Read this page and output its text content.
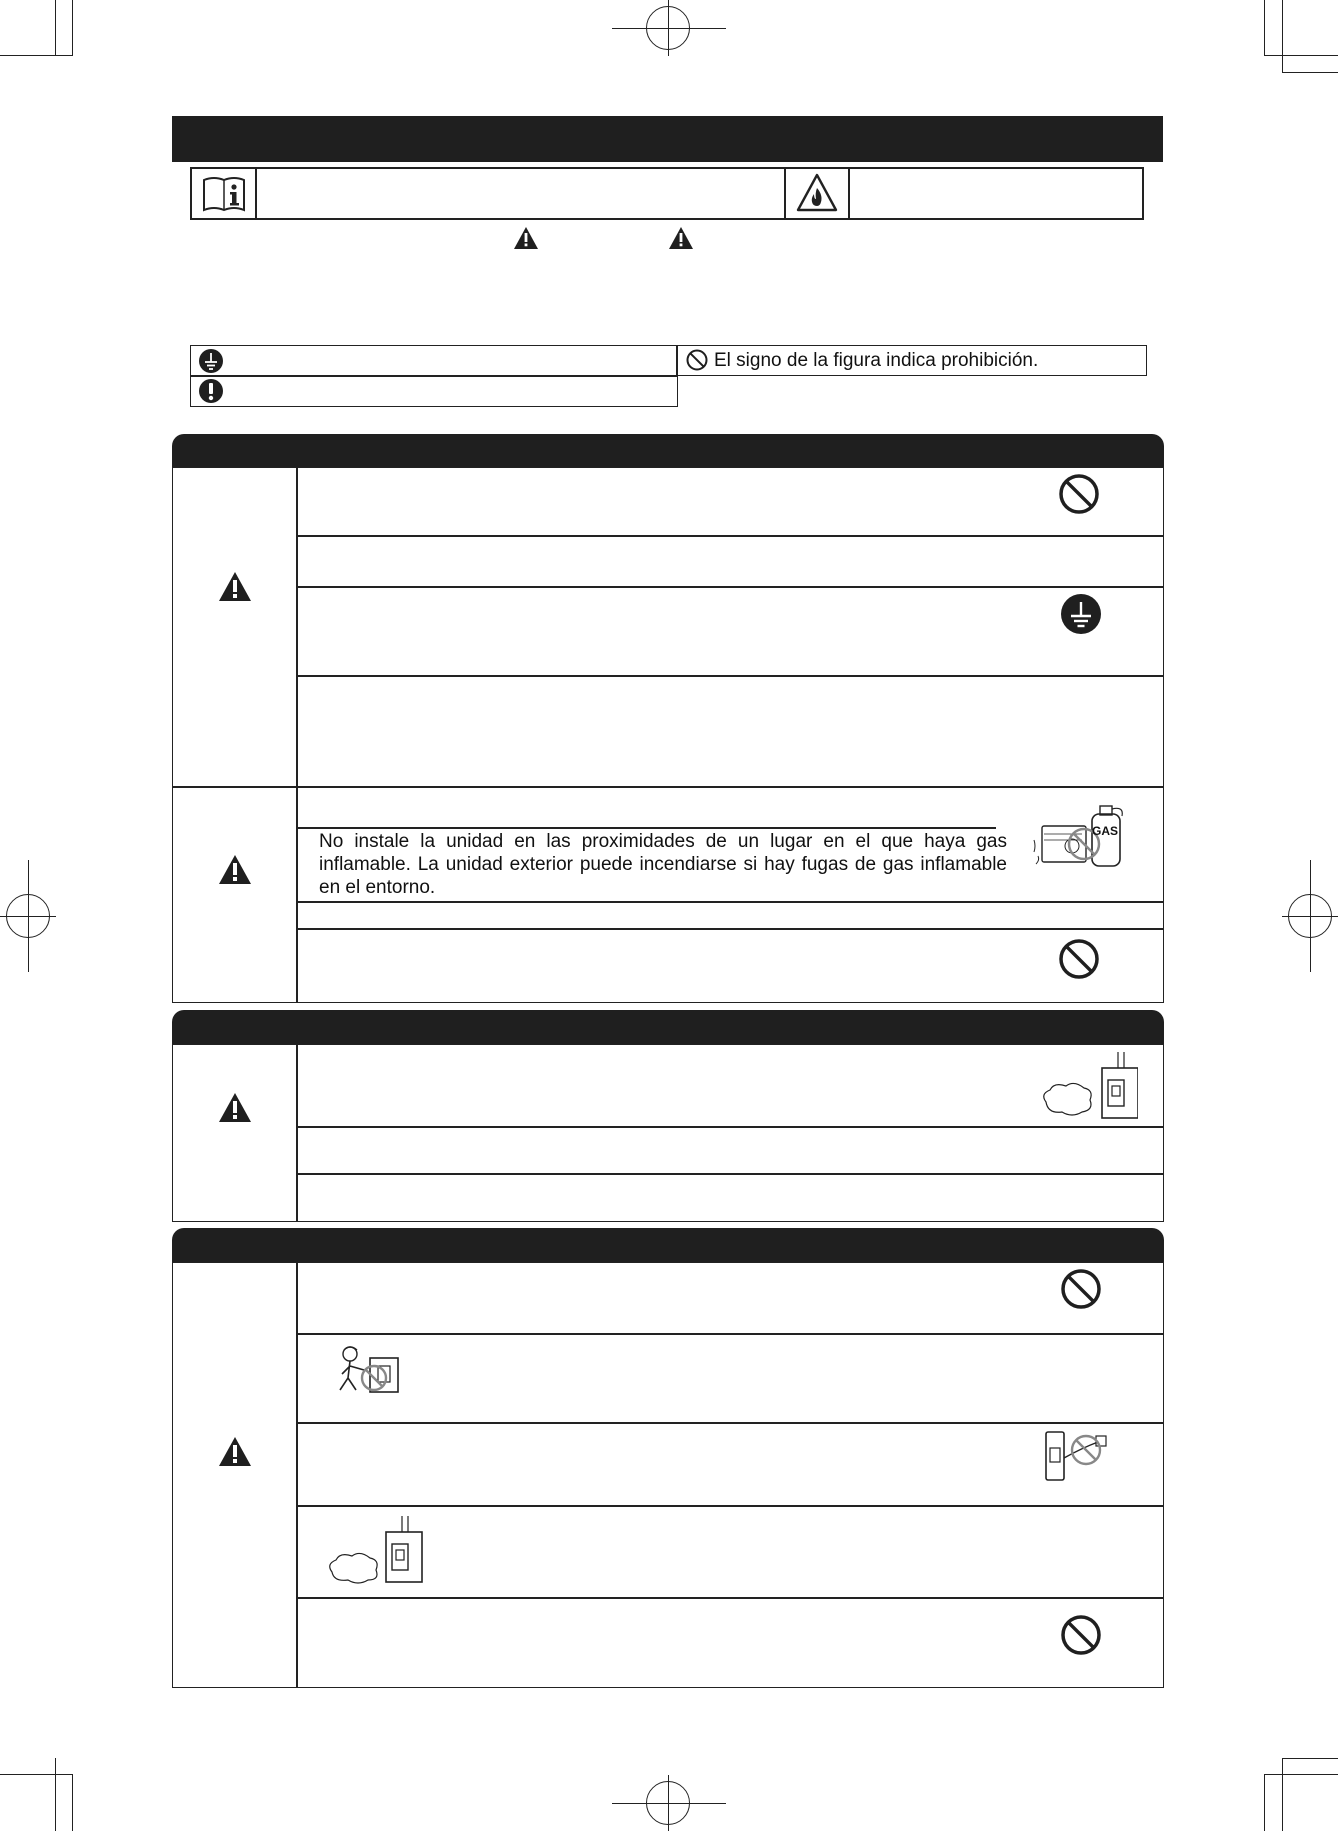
El signo de la figura indica prohibición.

No instale la unidad en las proximidades de un lugar en el que haya gas inflamable. La unidad exterior puede incendiarse si hay fugas de gas inflamable en el entorno.

GAS
